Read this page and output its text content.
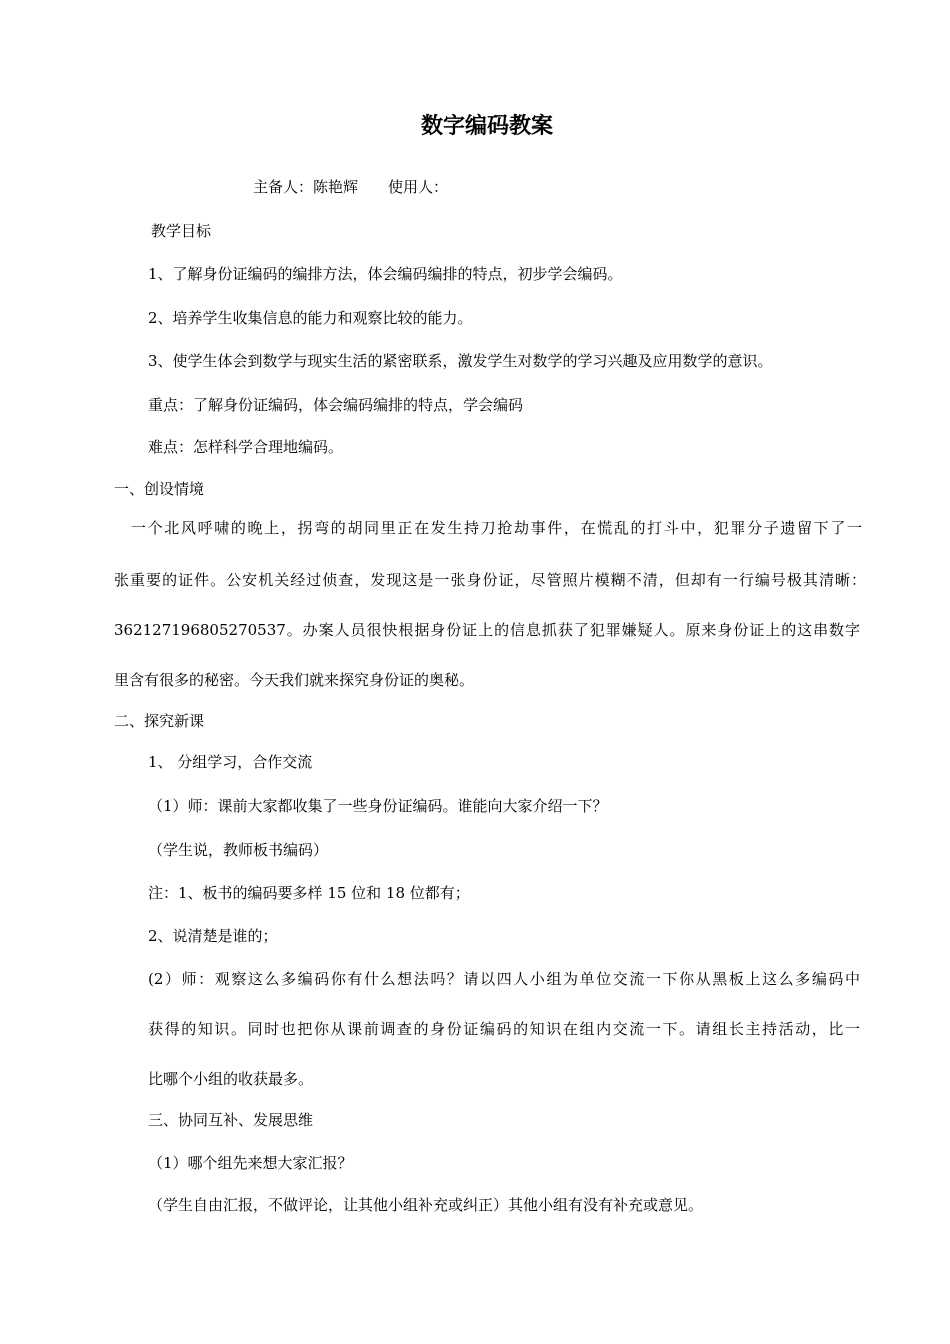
数字编码教案
主备人：陈艳辉　　使用人：
教学目标
1、了解身份证编码的编排方法，体会编码编排的特点，初步学会编码。
2、培养学生收集信息的能力和观察比较的能力。
3、使学生体会到数学与现实生活的紧密联系，激发学生对数学的学习兴趣及应用数学的意识。
重点：了解身份证编码，体会编码编排的特点，学会编码
难点：怎样科学合理地编码。
一、创设情境
一个北风呼啸的晚上，拐弯的胡同里正在发生持刀抢劫事件，在慌乱的打斗中，犯罪分子遗留下了一
张重要的证件。公安机关经过侦查，发现这是一张身份证，尽管照片模糊不清，但却有一行编号极其清晰：
362127196805270537。办案人员很快根据身份证上的信息抓获了犯罪嫌疑人。原来身份证上的这串数字
里含有很多的秘密。今天我们就来探究身份证的奥秘。
二、探究新课
1、 分组学习，合作交流
（1）师：课前大家都收集了一些身份证编码。谁能向大家介绍一下？
（学生说，教师板书编码）
注：1、板书的编码要多样 15 位和 18 位都有；
2、说清楚是谁的；
(2）师：观察这么多编码你有什么想法吗？请以四人小组为单位交流一下你从黑板上这么多编码中
获得的知识。同时也把你从课前调查的身份证编码的知识在组内交流一下。请组长主持活动，比一
比哪个小组的收获最多。
三、协同互补、发展思维
（1）哪个组先来想大家汇报？
（学生自由汇报，不做评论，让其他小组补充或纠正）其他小组有没有补充或意见。
